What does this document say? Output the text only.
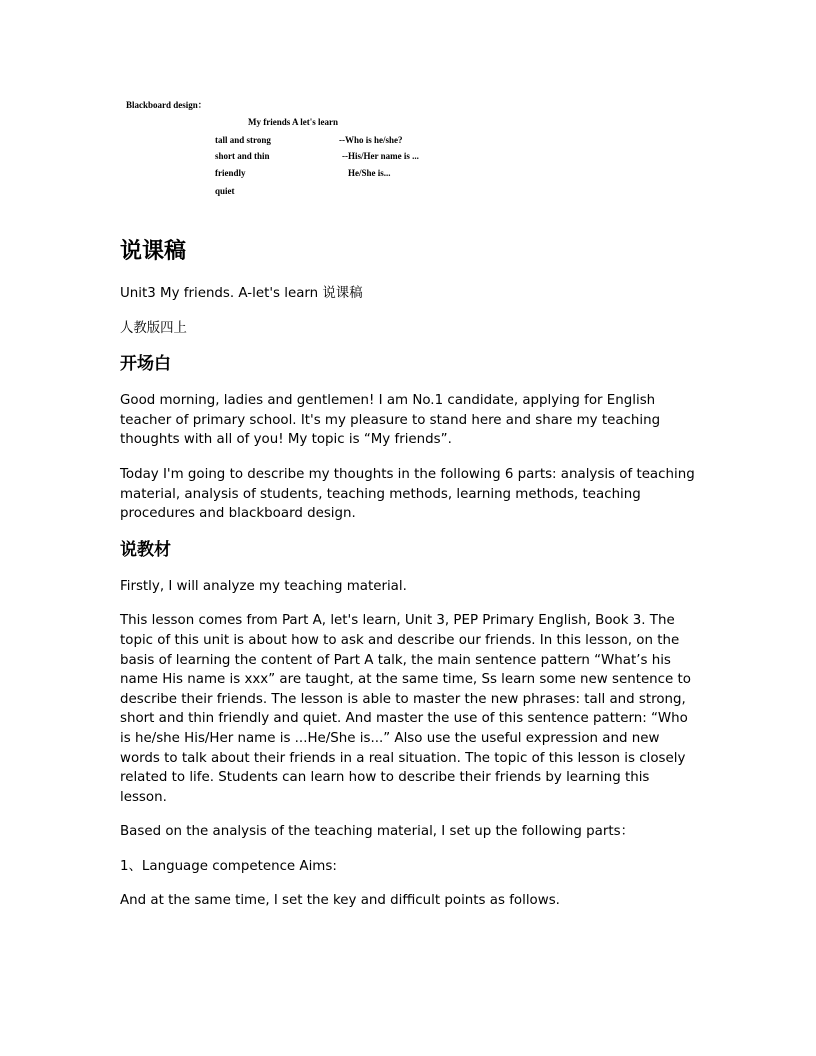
Blackboard design：
My friends A let's learn
tall and strong
short and thin
friendly
quiet
--Who is he/she?
--His/Her name is ...
He/She is...
说课稿

Unit3 My friends. A-let's learn 说课稿

人教版四上

开场白

Good morning, ladies and gentlemen! I am No.1 candidate, applying for English teacher of primary school. It's my pleasure to stand here and share my teaching thoughts with all of you! My topic is “My friends”.

Today I'm going to describe my thoughts in the following 6 parts: analysis of teaching material, analysis of students, teaching methods, learning methods, teaching procedures and blackboard design.

说教材

Firstly, I will analyze my teaching material.

This lesson comes from Part A, let's learn, Unit 3, PEP Primary English, Book 3. The topic of this unit is about how to ask and describe our friends. In this lesson, on the basis of learning the content of Part A talk, the main sentence pattern “What’s his name His name is xxx” are taught, at the same time, Ss learn some new sentence to describe their friends. The lesson is able to master the new phrases: tall and strong, short and thin friendly and quiet. And master the use of this sentence pattern: “Who is he/she His/Her name is ...He/She is...” Also use the useful expression and new words to talk about their friends in a real situation. The topic of this lesson is closely related to life. Students can learn how to describe their friends by learning this lesson.

Based on the analysis of the teaching material, I set up the following parts：

1、Language competence Aims:

And at the same time, I set the key and difficult points as follows.
